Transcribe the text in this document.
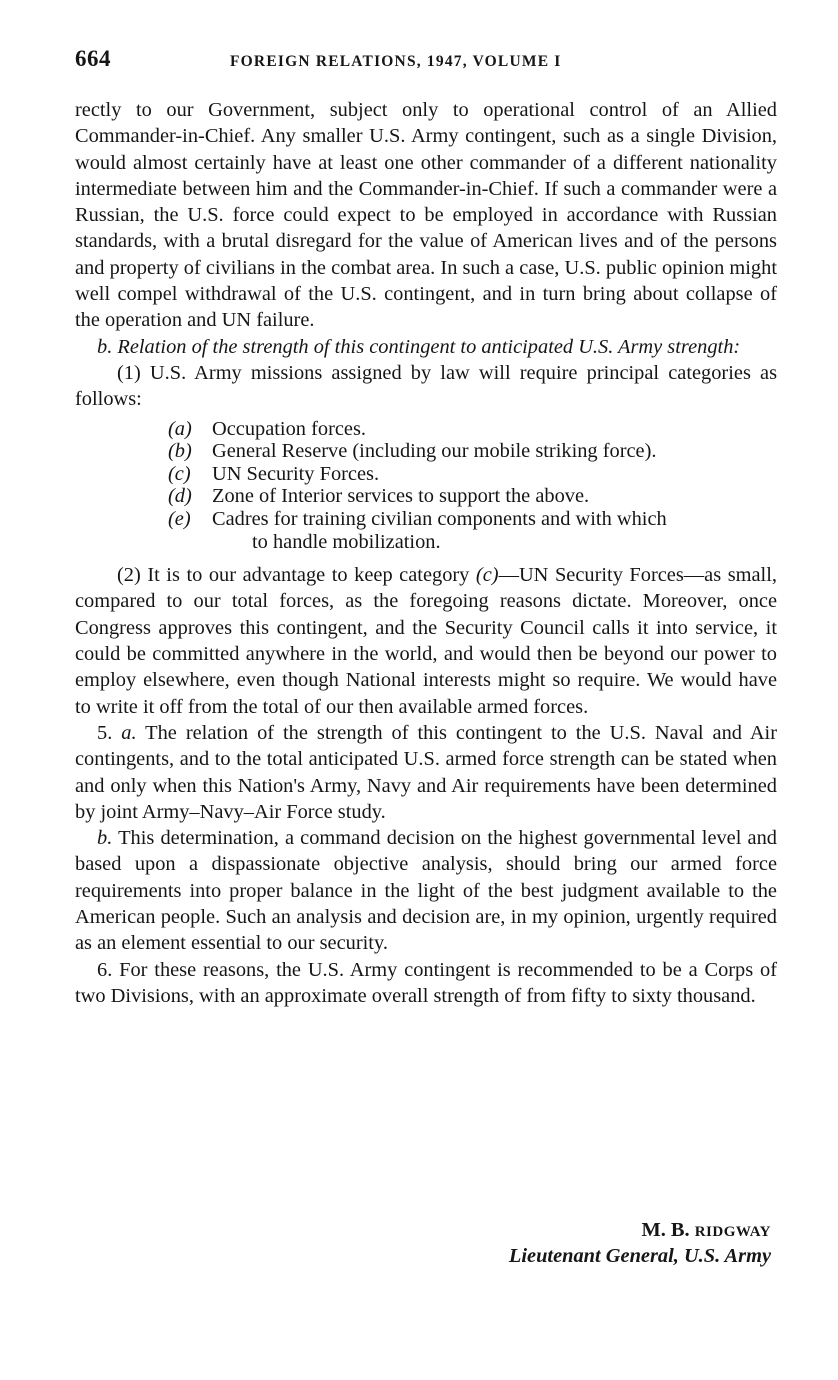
664	FOREIGN RELATIONS, 1947, VOLUME I

rectly to our Government, subject only to operational control of an Allied Commander-in-Chief. Any smaller U.S. Army contingent, such as a single Division, would almost certainly have at least one other commander of a different nationality intermediate between him and the Commander-in-Chief. If such a commander were a Russian, the U.S. force could expect to be employed in accordance with Russian standards, with a brutal disregard for the value of American lives and of the persons and property of civilians in the combat area. In such a case, U.S. public opinion might well compel withdrawal of the U.S. contingent, and in turn bring about collapse of the operation and UN failure.

b. Relation of the strength of this contingent to anticipated U.S. Army strength:

(1) U.S. Army missions assigned by law will require principal categories as follows:

(a) Occupation forces.
(b) General Reserve (including our mobile striking force).
(c) UN Security Forces.
(d) Zone of Interior services to support the above.
(e) Cadres for training civilian components and with which
to handle mobilization.

(2) It is to our advantage to keep category (c)—UN Security Forces—as small, compared to our total forces, as the foregoing reasons dictate. Moreover, once Congress approves this contingent, and the Security Council calls it into service, it could be committed anywhere in the world, and would then be beyond our power to employ elsewhere, even though National interests might so require. We would have to write it off from the total of our then available armed forces.

5. a. The relation of the strength of this contingent to the U.S. Naval and Air contingents, and to the total anticipated U.S. armed force strength can be stated when and only when this Nation's Army, Navy and Air requirements have been determined by joint Army–Navy–Air Force study.

b. This determination, a command decision on the highest governmental level and based upon a dispassionate objective analysis, should bring our armed force requirements into proper balance in the light of the best judgment available to the American people. Such an analysis and decision are, in my opinion, urgently required as an element essential to our security.

6. For these reasons, the U.S. Army contingent is recommended to be a Corps of two Divisions, with an approximate overall strength of from fifty to sixty thousand.

M. B. RIDGWAY
Lieutenant General, U.S. Army
